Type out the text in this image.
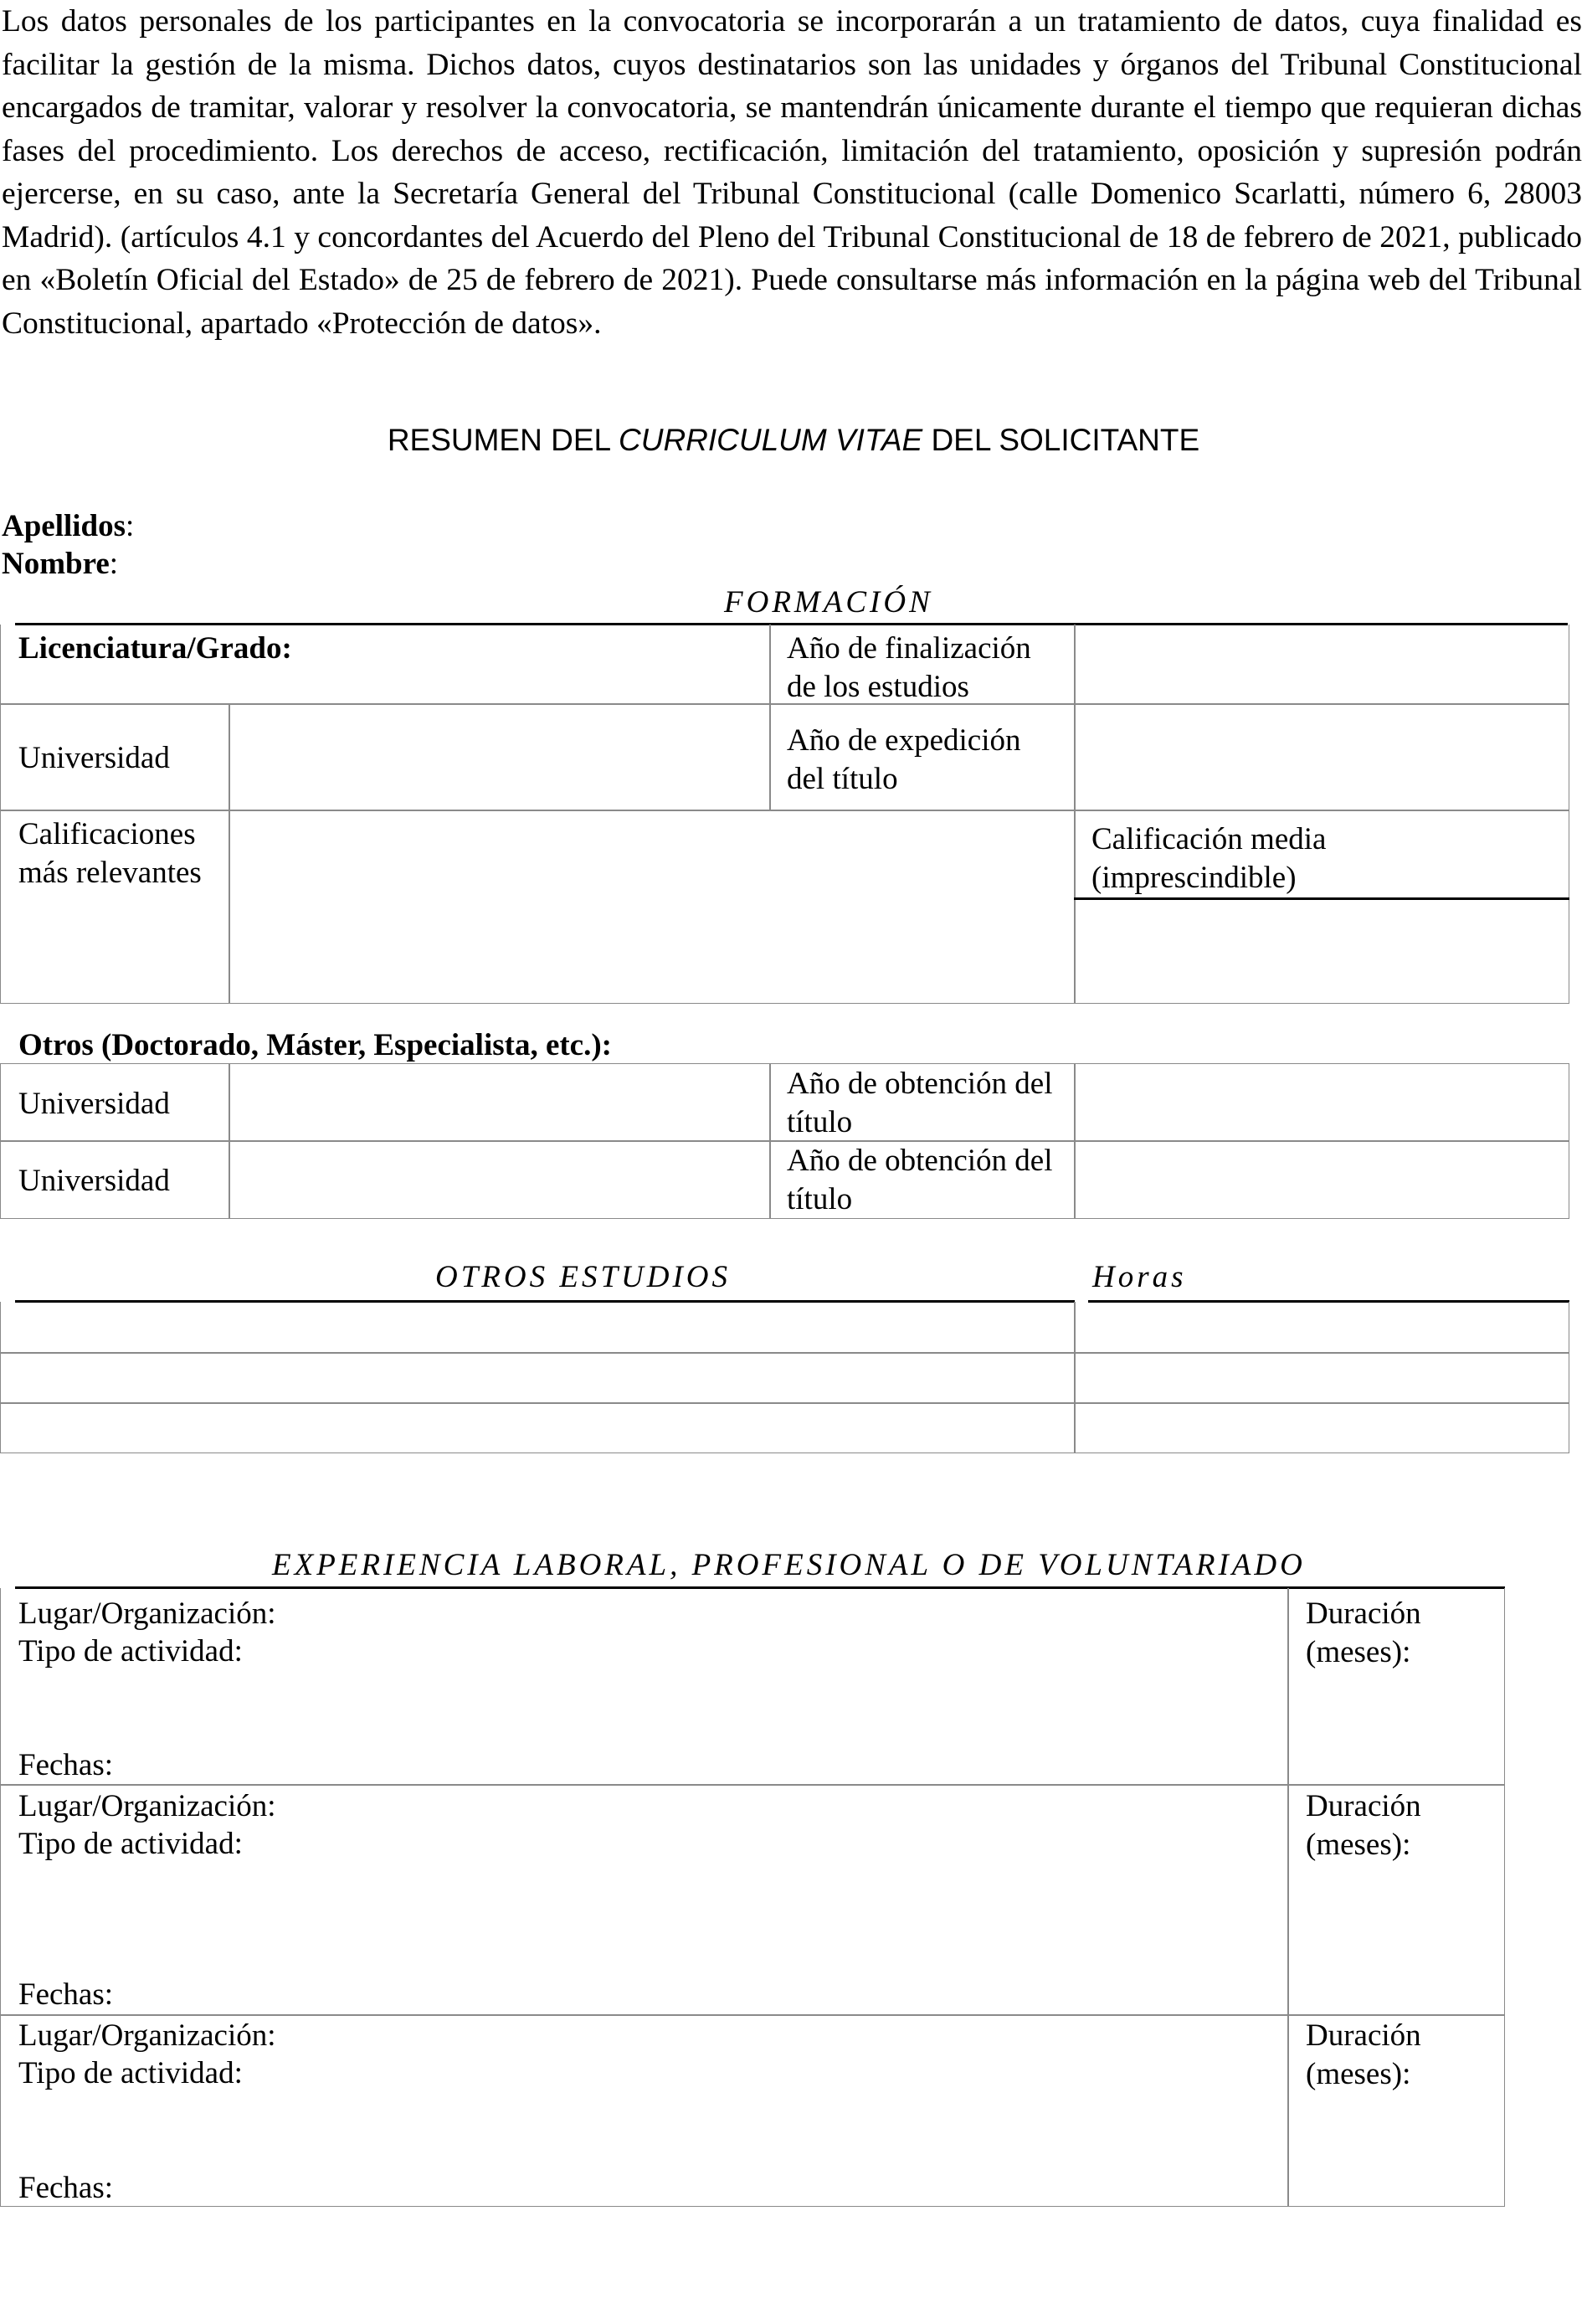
Los datos personales de los participantes en la convocatoria se incorporarán a un tratamiento de datos, cuya finalidad es facilitar la gestión de la misma. Dichos datos, cuyos destinatarios son las unidades y órganos del Tribunal Constitucional encargados de tramitar, valorar y resolver la convocatoria, se mantendrán únicamente durante el tiempo que requieran dichas fases del procedimiento. Los derechos de acceso, rectificación, limitación del tratamiento, oposición y supresión podrán ejercerse, en su caso, ante la Secretaría General del Tribunal Constitucional (calle Domenico Scarlatti, número 6, 28003 Madrid). (artículos 4.1 y concordantes del Acuerdo del Pleno del Tribunal Constitucional de 18 de febrero de 2021, publicado en «Boletín Oficial del Estado» de 25 de febrero de 2021). Puede consultarse más información en la página web del Tribunal Constitucional, apartado «Protección de datos».
RESUMEN DEL CURRICULUM VITAE DEL SOLICITANTE
Apellidos:
Nombre:
FORMACIÓN
Licenciatura/Grado:	Año de finalización de los estudios
Universidad
Año de expedición del título
Calificaciones más relevantes
Calificación media (imprescindible)
Otros (Doctorado, Máster, Especialista, etc.):
Universidad
Año de obtención del título
Universidad
Año de obtención del título
OTROS ESTUDIOS	Horas
EXPERIENCIA LABORAL, PROFESIONAL O DE VOLUNTARIADO
Lugar/Organización:
Tipo de actividad:
Fechas:
Duración (meses):
Lugar/Organización:
Tipo de actividad:
Fechas:
Duración (meses):
Lugar/Organización:
Tipo de actividad:
Fechas:
Duración (meses):
